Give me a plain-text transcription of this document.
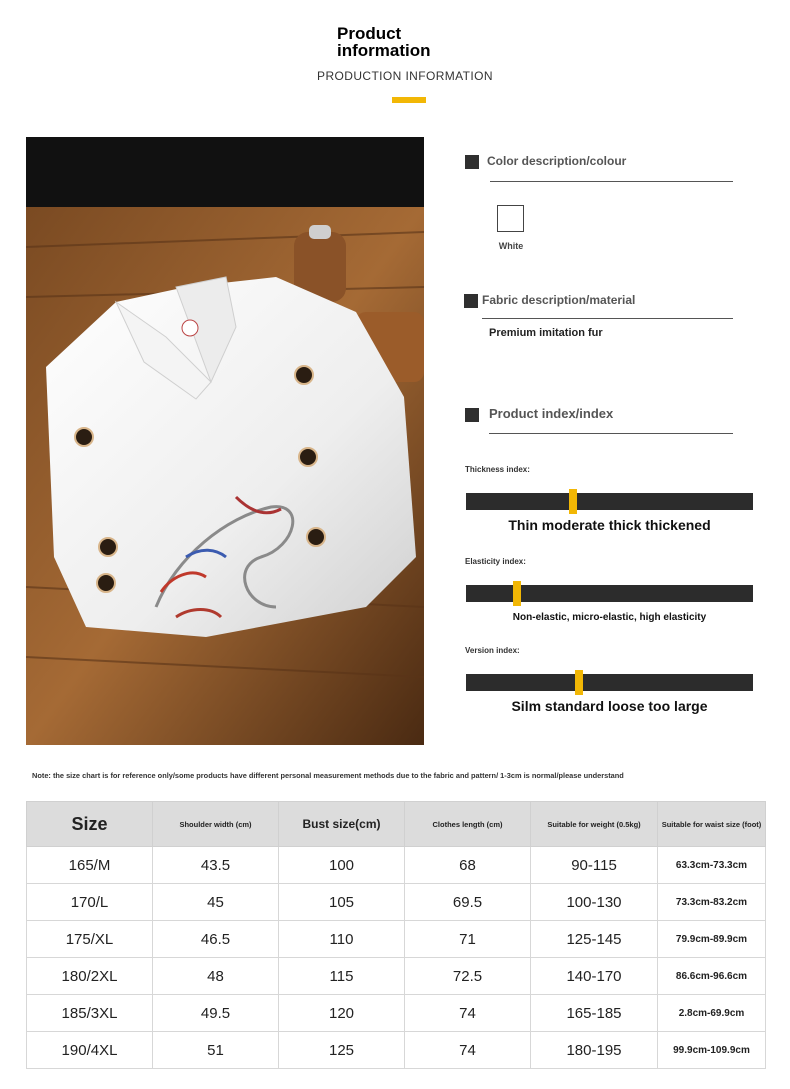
Product information
PRODUCTION INFORMATION
Color description/colour
White
Fabric description/material
Premium imitation fur
Product index/index
Thickness index:
Thin moderate thick thickened
Elasticity index:
Non-elastic, micro-elastic, high elasticity
Version index:
Silm standard loose too large
Note: the size chart is for reference only/some products have different personal measurement methods due to the fabric and pattern/ 1-3cm is normal/please understand
Size	Shoulder width (cm)	Bust size(cm)	Clothes length (cm)	Suitable for weight (0.5kg)	Suitable for waist size (foot)
165/M	43.5	100	68	90-115	63.3cm-73.3cm
170/L	45	105	69.5	100-130	73.3cm-83.2cm
175/XL	46.5	110	71	125-145	79.9cm-89.9cm
180/2XL	48	115	72.5	140-170	86.6cm-96.6cm
185/3XL	49.5	120	74	165-185	2.8cm-69.9cm
190/4XL	51	125	74	180-195	99.9cm-109.9cm
